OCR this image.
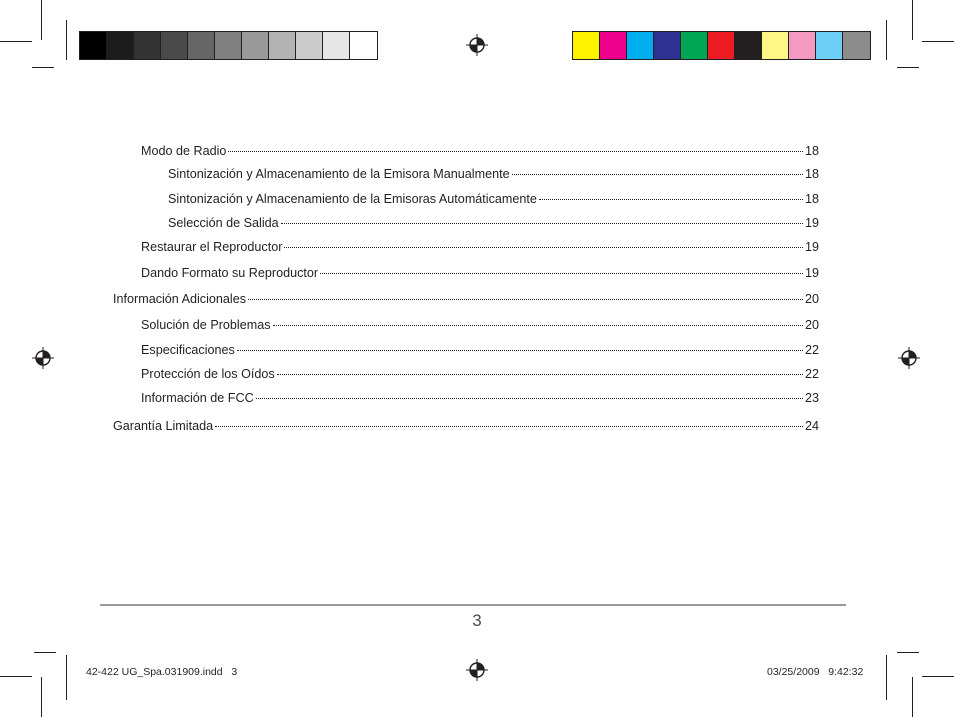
Modo de Radio	18
Sintonización y Almacenamiento de la Emisora Manualmente	18
Sintonización y Almacenamiento de la Emisoras Automáticamente	18
Selección de Salida	19
Restaurar el Reproductor	19
Dando Formato su Reproductor	19
Información Adicionales	20
Solución de Problemas	20
Especificaciones	22
Protección de los Oídos	22
Información de FCC	23
Garantía Limitada	24
3
42-422 UG_Spa.031909.indd   3	03/25/2009   9:42:32
